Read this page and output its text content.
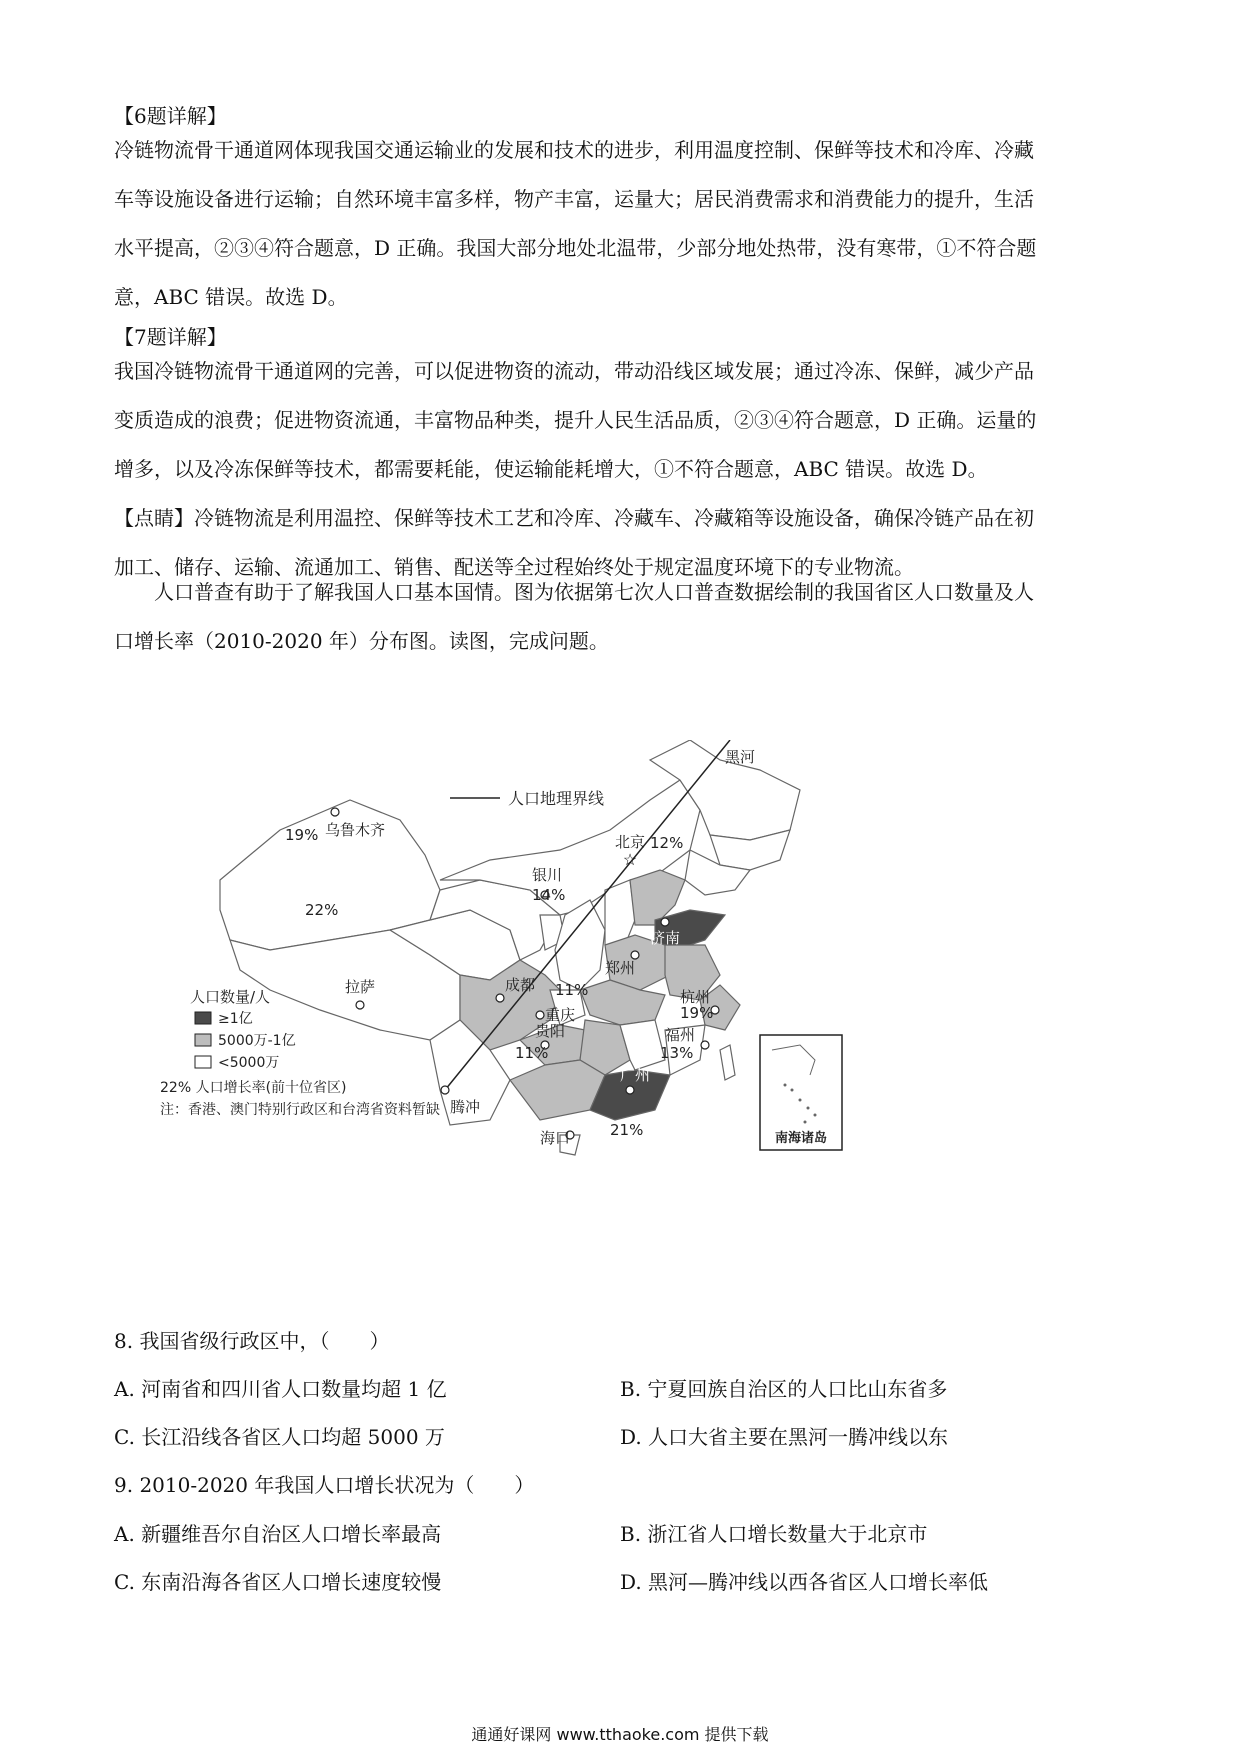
【6题详解】
冷链物流骨干通道网体现我国交通运输业的发展和技术的进步，利用温度控制、保鲜等技术和冷库、冷藏
车等设施设备进行运输；自然环境丰富多样，物产丰富，运量大；居民消费需求和消费能力的提升，生活
水平提高，②③④符合题意，D 正确。我国大部分地处北温带，少部分地处热带，没有寒带，①不符合题
意，ABC 错误。故选 D。
【7题详解】
我国冷链物流骨干通道网的完善，可以促进物资的流动，带动沿线区域发展；通过冷冻、保鲜，减少产品
变质造成的浪费；促进物资流通，丰富物品种类，提升人民生活品质，②③④符合题意，D 正确。运量的
增多，以及冷冻保鲜等技术，都需要耗能，使运输能耗增大，①不符合题意，ABC 错误。故选 D。
【点睛】冷链物流是利用温控、保鲜等技术工艺和冷库、冷藏车、冷藏箱等设施设备，确保冷链产品在初
加工、储存、运输、流通加工、销售、配送等全过程始终处于规定温度环境下的专业物流。
人口普查有助于了解我国人口基本国情。图为依据第七次人口普查数据绘制的我国省区人口数量及人
口增长率（2010-2020 年）分布图。读图，完成问题。
人口地理界线
☆
黑河
乌鲁木齐
北京
银川
济南
郑州
拉萨	成都
重庆
杭州
贵阳	福州
腾冲
广州
海口
19%	12%
14%
22%
11%
19%
11%	13%
21%
人口数量/人
≥1亿
5000万-1亿
<5000万
22% 人口增长率(前十位省区)
注：香港、澳门特别行政区和台湾省资料暂缺
南海诸岛
8. 我国省级行政区中，（　　）
A. 河南省和四川省人口数量均超 1 亿	B. 宁夏回族自治区的人口比山东省多
C. 长江沿线各省区人口均超 5000 万	D. 人口大省主要在黑河一腾冲线以东
9. 2010-2020 年我国人口增长状况为（　　）
A. 新疆维吾尔自治区人口增长率最高	B. 浙江省人口增长数量大于北京市
C. 东南沿海各省区人口增长速度较慢	D. 黑河—腾冲线以西各省区人口增长率低
通通好课网 www.tthaoke.com 提供下载
